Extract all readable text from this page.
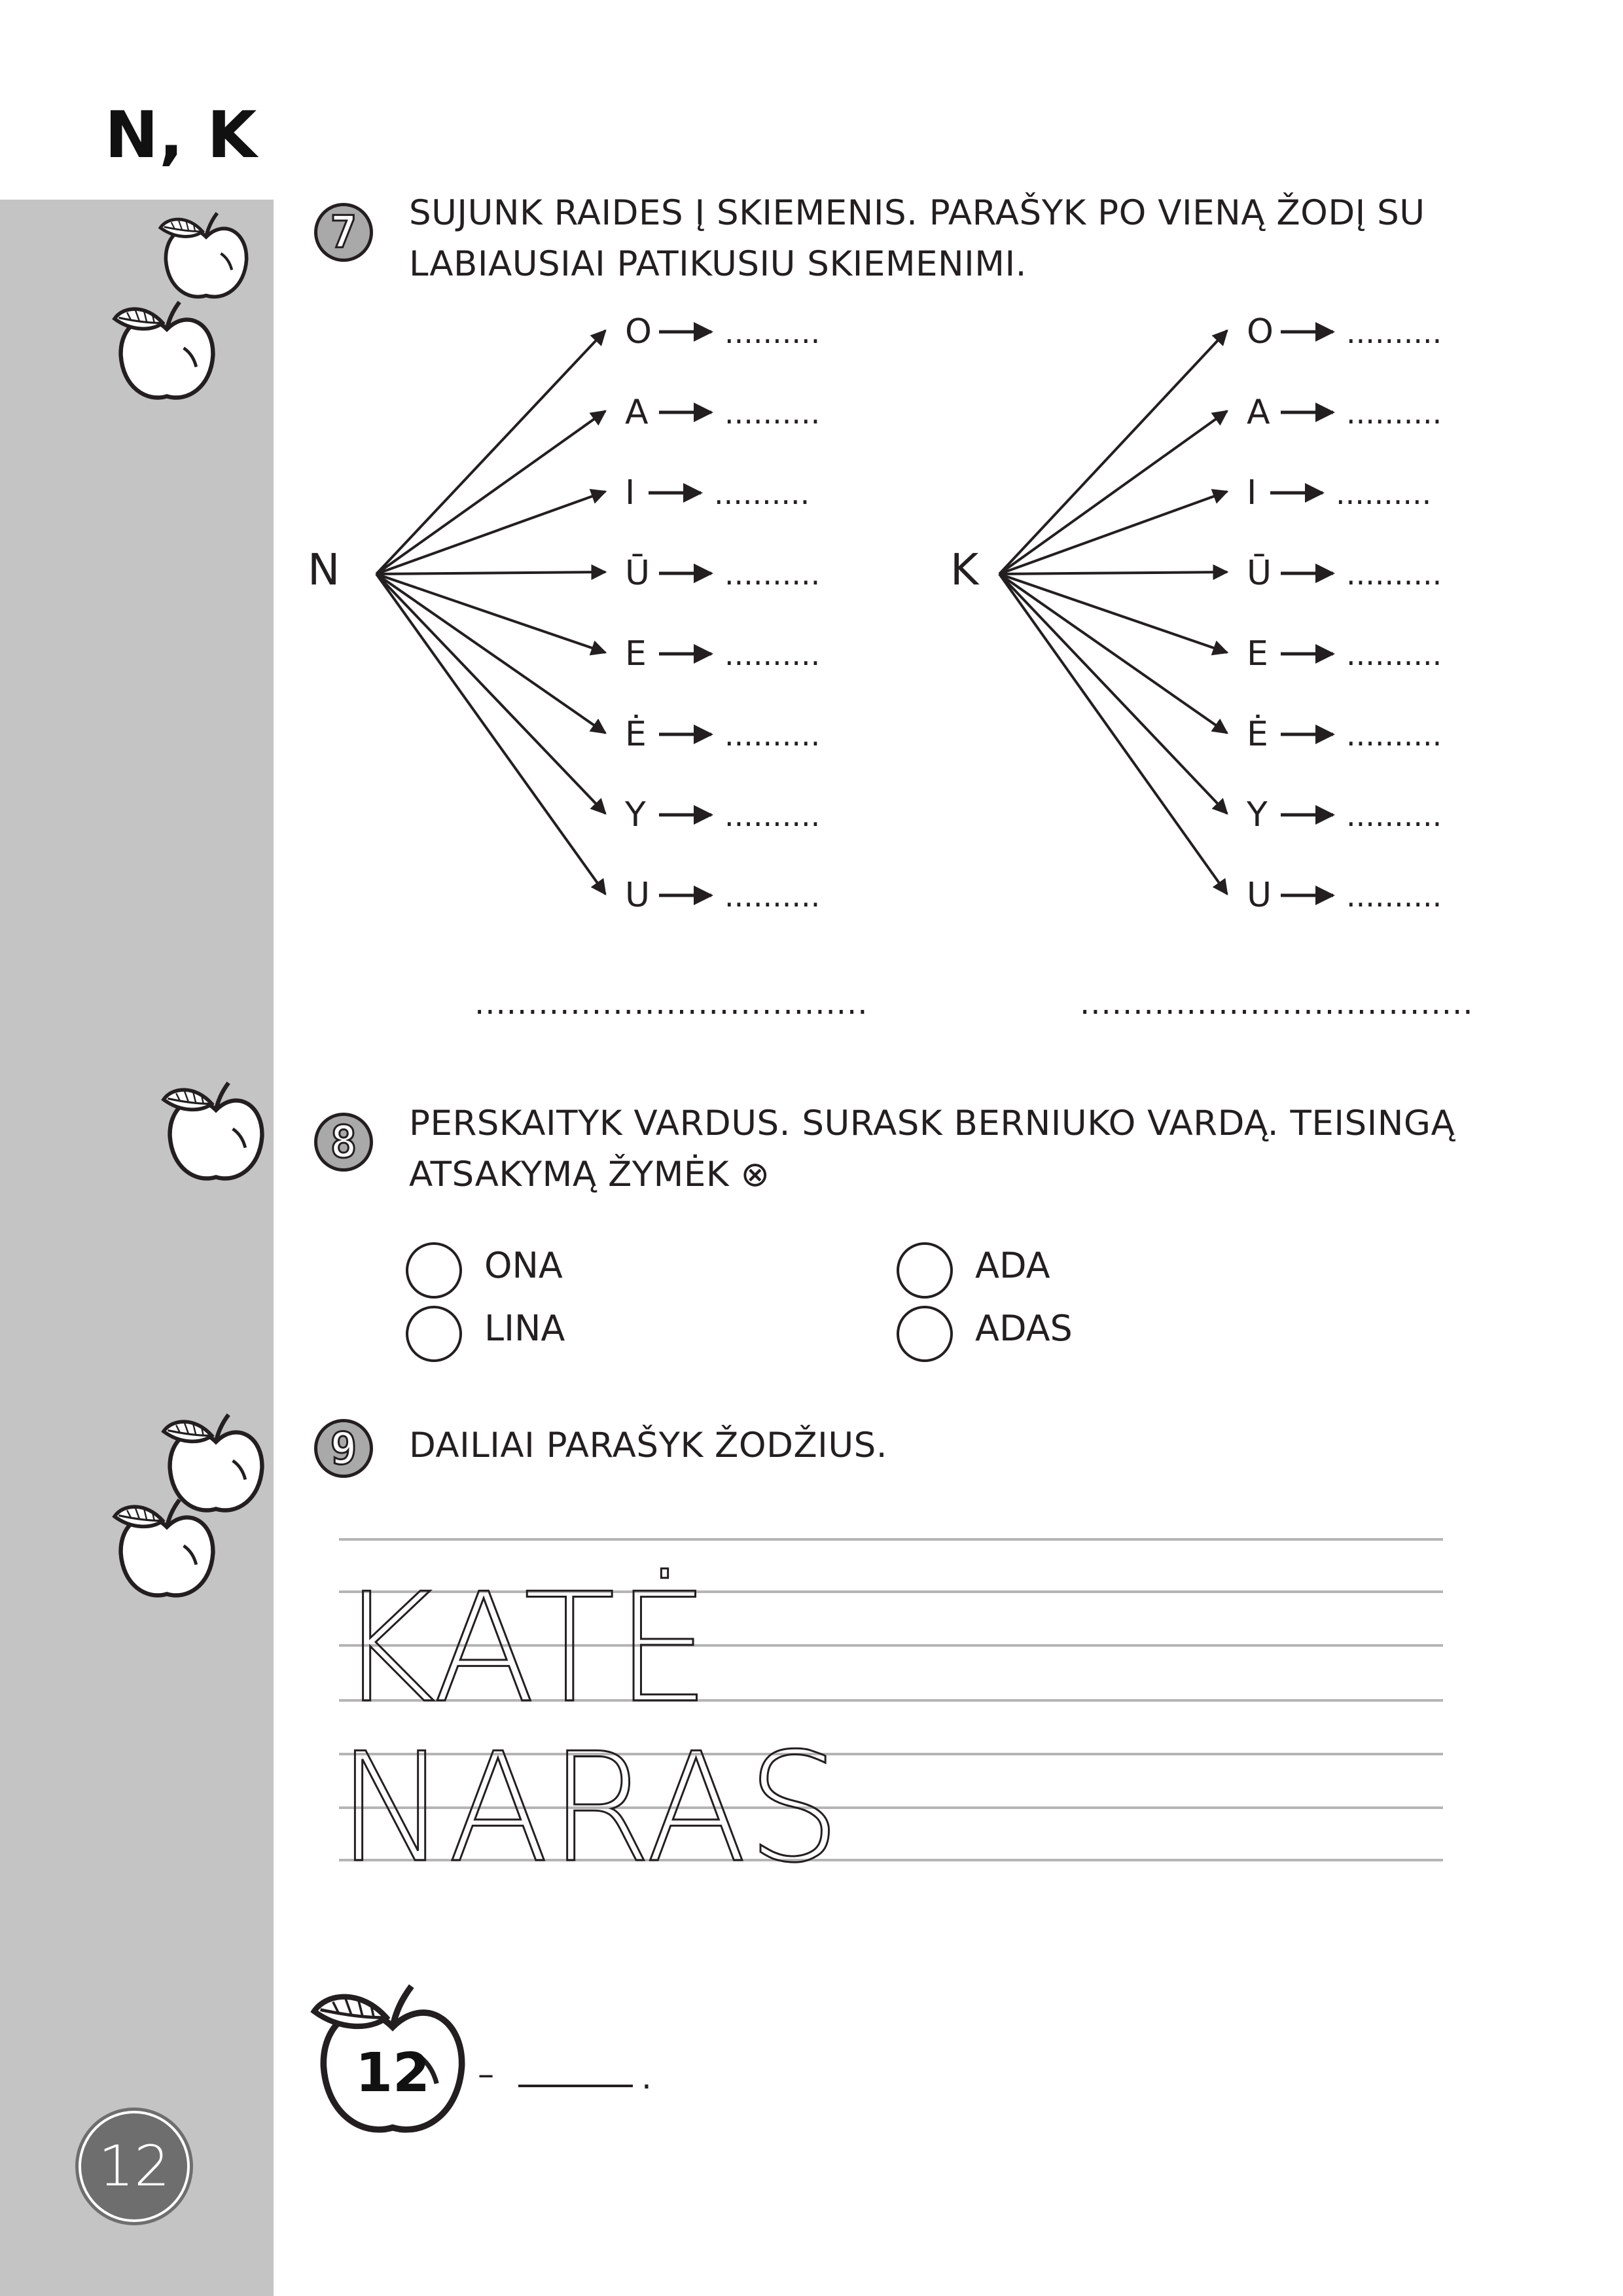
N, K
7	SUJUNK RAIDES Į SKIEMENIS. PARAŠYK PO VIENĄ ŽODĮ SU
LABIAUSIAI PATIKUSIU SKIEMENIMI.
N	K
O ..........
A	..........
I	..........
Ū ..........
E	..........
Ė	..........
Y	..........
U ..........
O ..........
A	..........
I	..........
Ū ..........
E	..........
Ė	..........
Y	..........
U ..........
.....................................	.....................................
8	PERSKAITYK VARDUS. SURASK BERNIUKO VARDĄ. TEISINGĄ
ATSAKYMĄ ŽYMĖK ⊗
ONA
LINA
ADA
ADAS
9	DAILIAI PARAŠYK ŽODŽIUS.
KATĖ
NARAS
12 –	.
12
